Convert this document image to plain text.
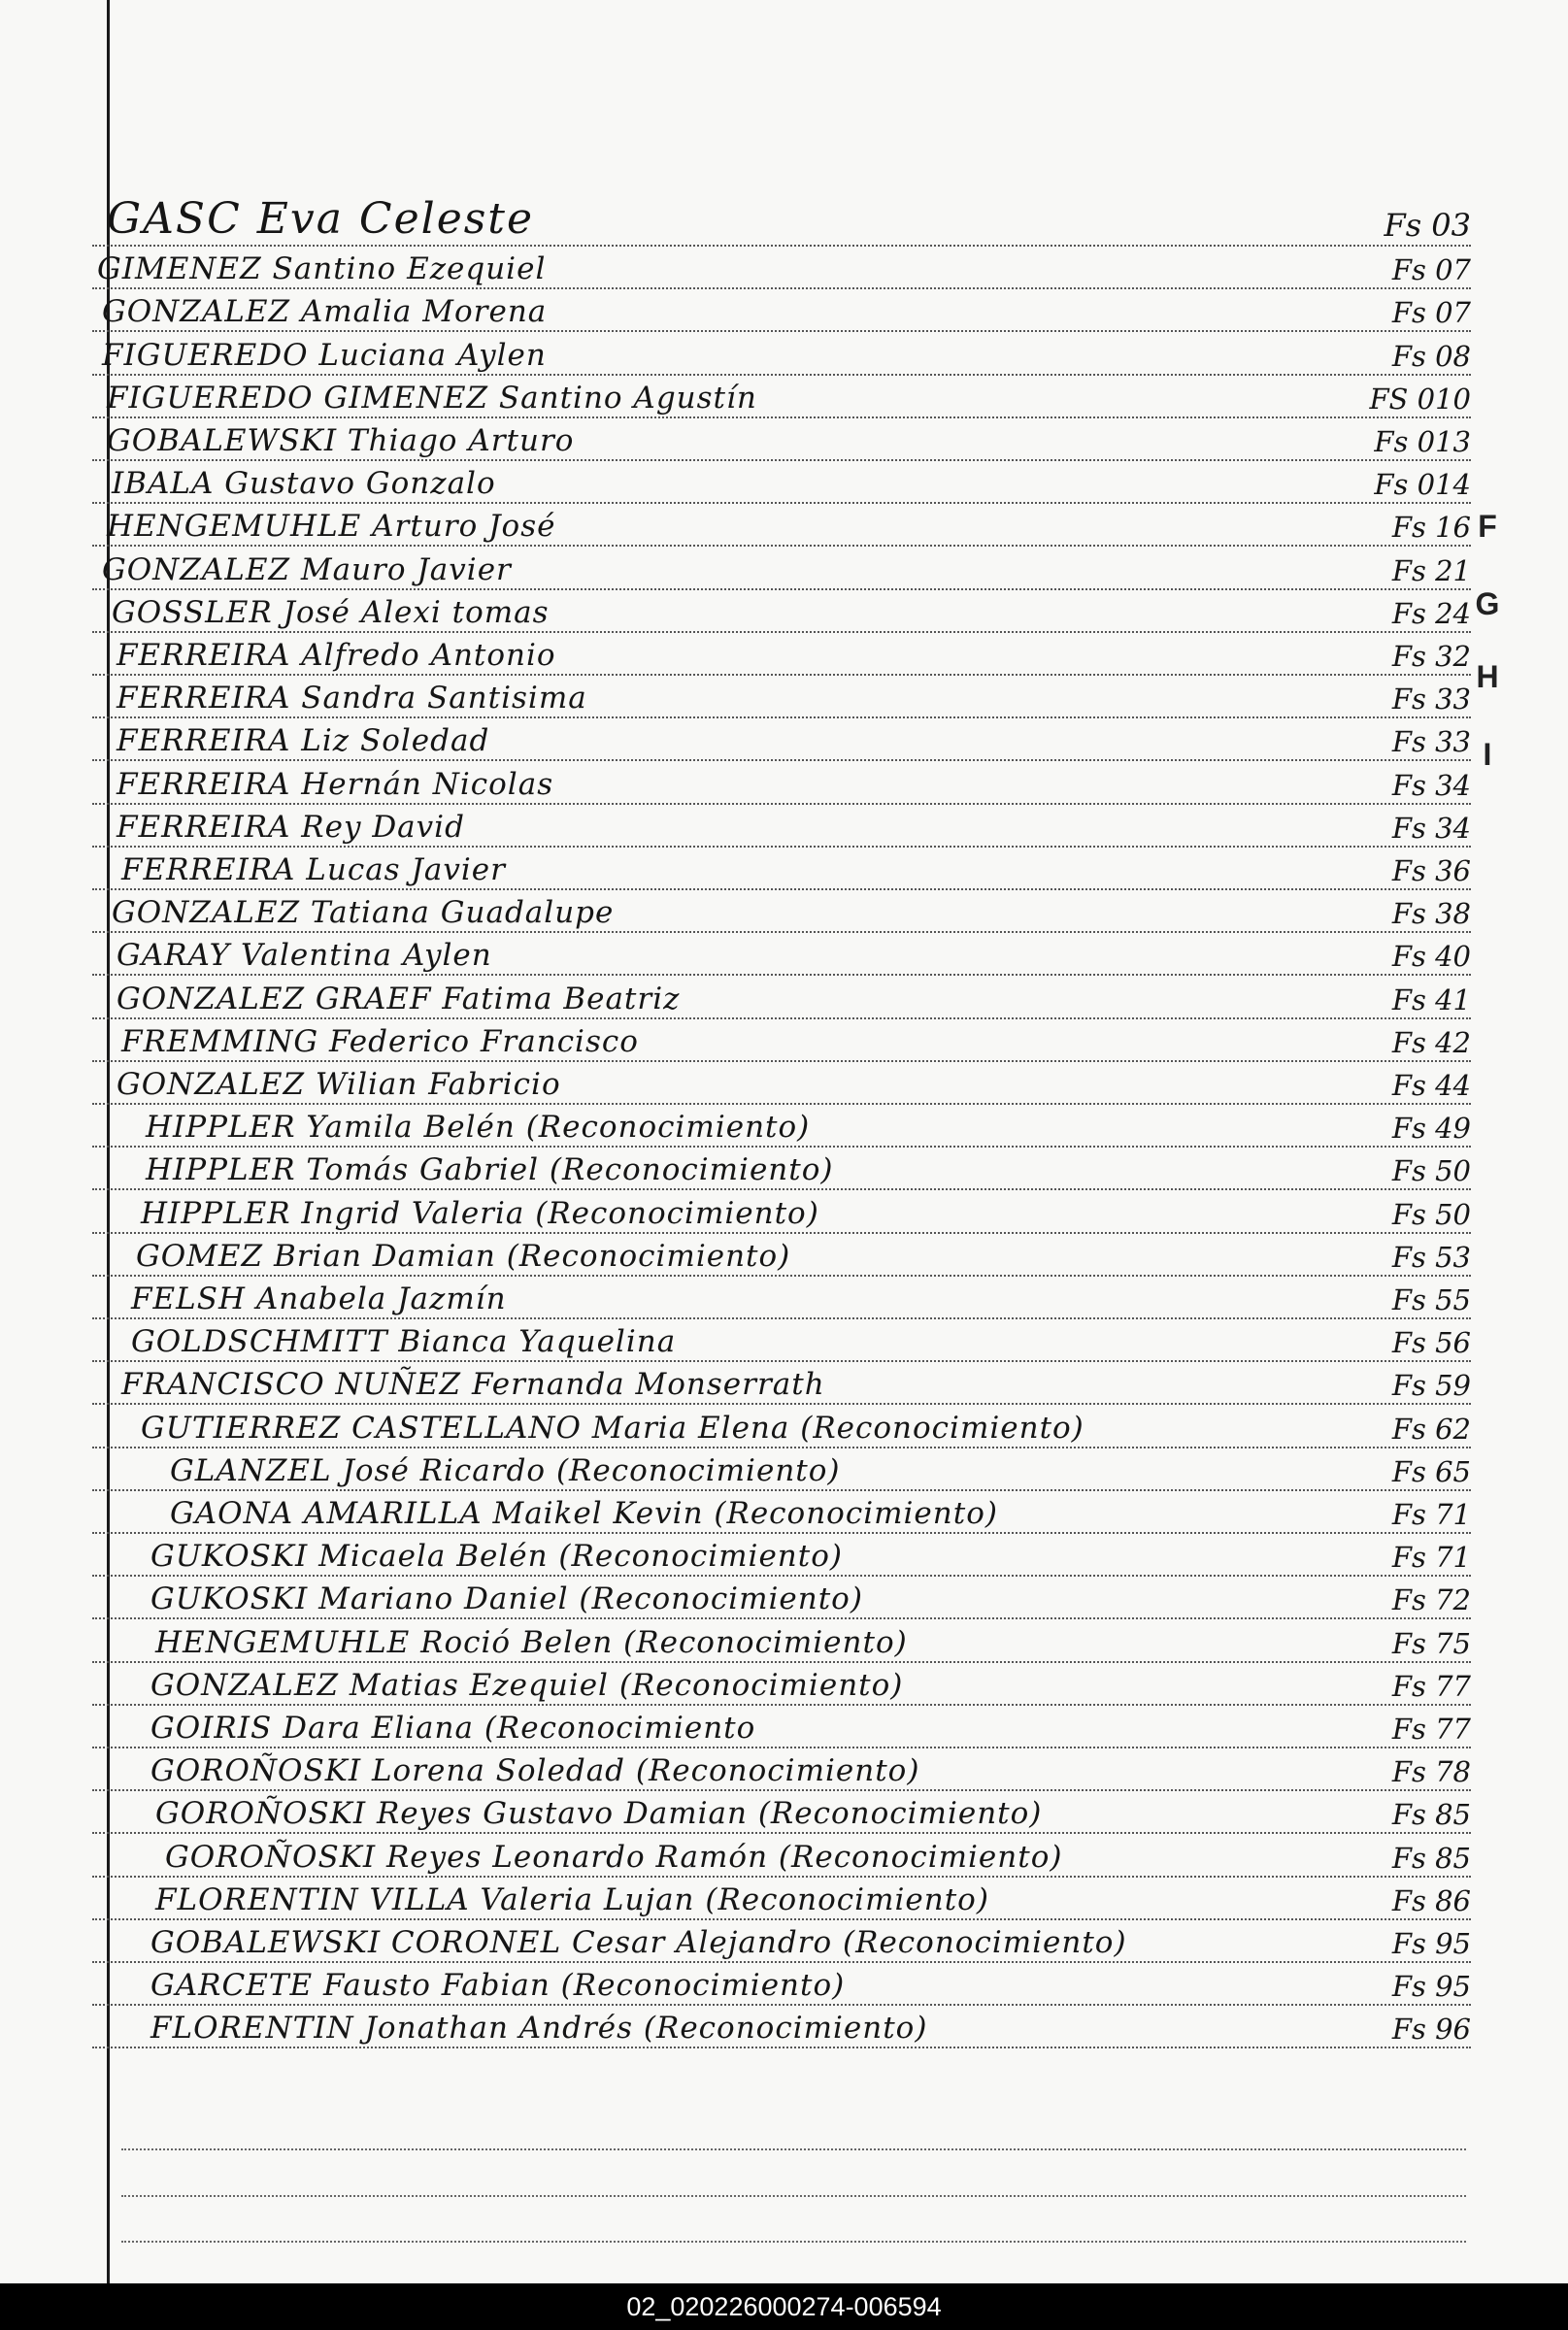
F
G
H
I
GASC Eva Celeste	Fs 03
GIMENEZ Santino Ezequiel	Fs 07
GONZALEZ Amalia Morena	Fs 07
FIGUEREDO Luciana Aylen	Fs 08
FIGUEREDO GIMENEZ Santino Agustín	FS 010
GOBALEWSKI Thiago Arturo	Fs 013
IBALA Gustavo Gonzalo	Fs 014
HENGEMUHLE Arturo José	Fs 16
GONZALEZ Mauro Javier	Fs 21
GOSSLER José Alexi tomas	Fs 24
FERREIRA Alfredo Antonio	Fs 32
FERREIRA Sandra Santisima	Fs 33
FERREIRA Liz Soledad	Fs 33
FERREIRA Hernán Nicolas	Fs 34
FERREIRA Rey David	Fs 34
FERREIRA Lucas Javier	Fs 36
GONZALEZ Tatiana Guadalupe	Fs 38
GARAY Valentina Aylen	Fs 40
GONZALEZ GRAEF Fatima Beatriz	Fs 41
FREMMING Federico Francisco	Fs 42
GONZALEZ Wilian Fabricio	Fs 44
HIPPLER Yamila Belén (Reconocimiento)	Fs 49
HIPPLER Tomás Gabriel (Reconocimiento)	Fs 50
HIPPLER Ingrid Valeria (Reconocimiento)	Fs 50
GOMEZ Brian Damian (Reconocimiento)	Fs 53
FELSH Anabela Jazmín	Fs 55
GOLDSCHMITT Bianca Yaquelina	Fs 56
FRANCISCO NUÑEZ Fernanda Monserrath	Fs 59
GUTIERREZ CASTELLANO Maria Elena (Reconocimiento)	Fs 62
GLANZEL José Ricardo (Reconocimiento)	Fs 65
GAONA AMARILLA Maikel Kevin (Reconocimiento)	Fs 71
GUKOSKI Micaela Belén (Reconocimiento)	Fs 71
GUKOSKI Mariano Daniel (Reconocimiento)	Fs 72
HENGEMUHLE Roció Belen (Reconocimiento)	Fs 75
GONZALEZ Matias Ezequiel (Reconocimiento)	Fs 77
GOIRIS Dara Eliana (Reconocimiento	Fs 77
GOROÑOSKI Lorena Soledad (Reconocimiento)	Fs 78
GOROÑOSKI Reyes Gustavo Damian (Reconocimiento)	Fs 85
GOROÑOSKI Reyes Leonardo Ramón (Reconocimiento)	Fs 85
FLORENTIN VILLA Valeria Lujan (Reconocimiento)	Fs 86
GOBALEWSKI CORONEL Cesar Alejandro (Reconocimiento)	Fs 95
GARCETE Fausto Fabian (Reconocimiento)	Fs 95
FLORENTIN Jonathan Andrés (Reconocimiento)	Fs 96
02_020226000274-006594
